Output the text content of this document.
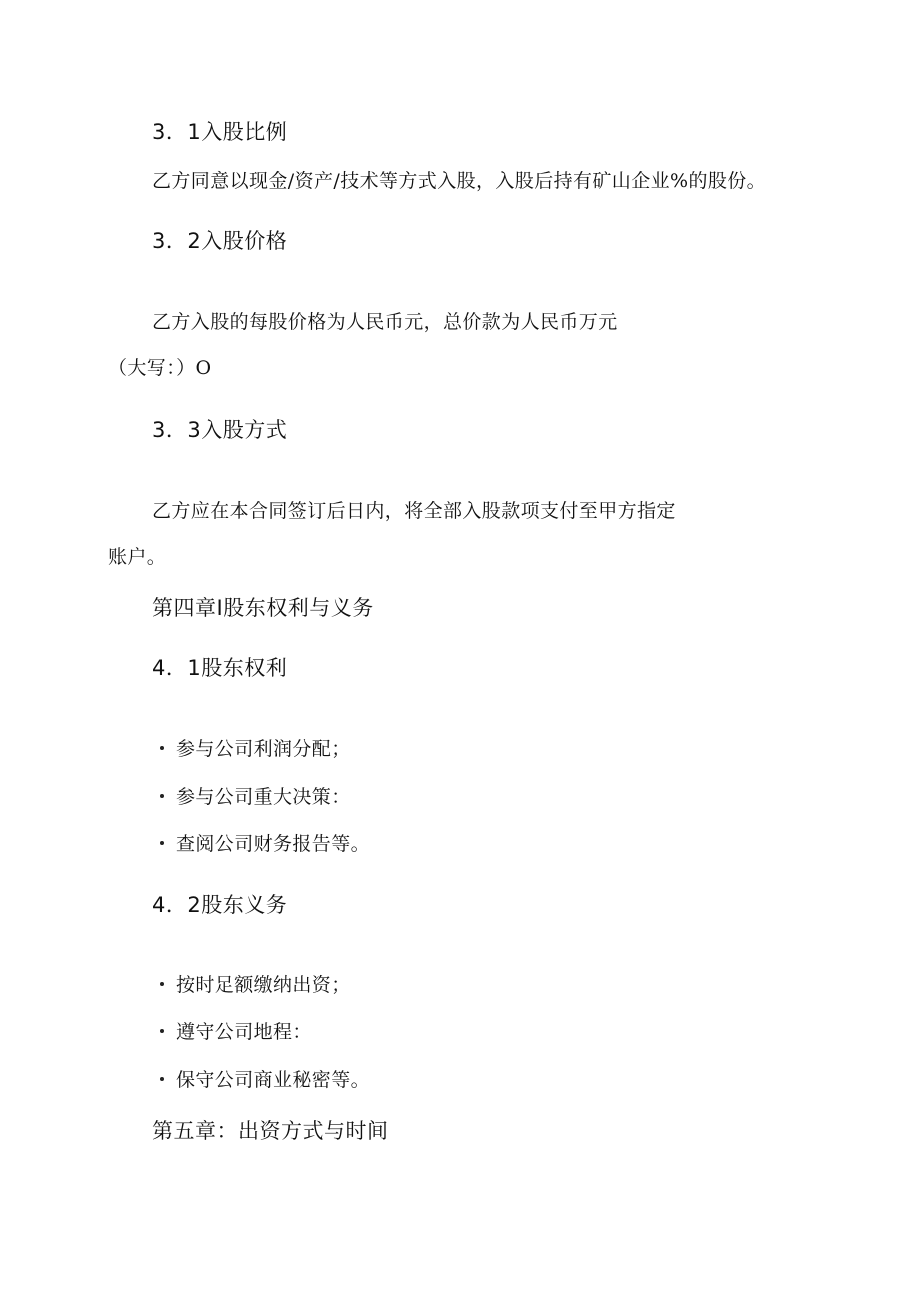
3．1入股比例
乙方同意以现金/资产/技术等方式入股，入股后持有矿山企业%的股份。
3．2入股价格
乙方入股的每股价格为人民币元，总价款为人民币万元
（大写：）O
3．3入股方式
乙方应在本合同签订后日内，将全部入股款项支付至甲方指定
账户。
第四章I股东权利与义务
4．1股东权利
参与公司利润分配；
参与公司重大决策：
查阅公司财务报告等。
4．2股东义务
按时足额缴纳出资；
遵守公司地程：
保守公司商业秘密等。
第五章：出资方式与时间
